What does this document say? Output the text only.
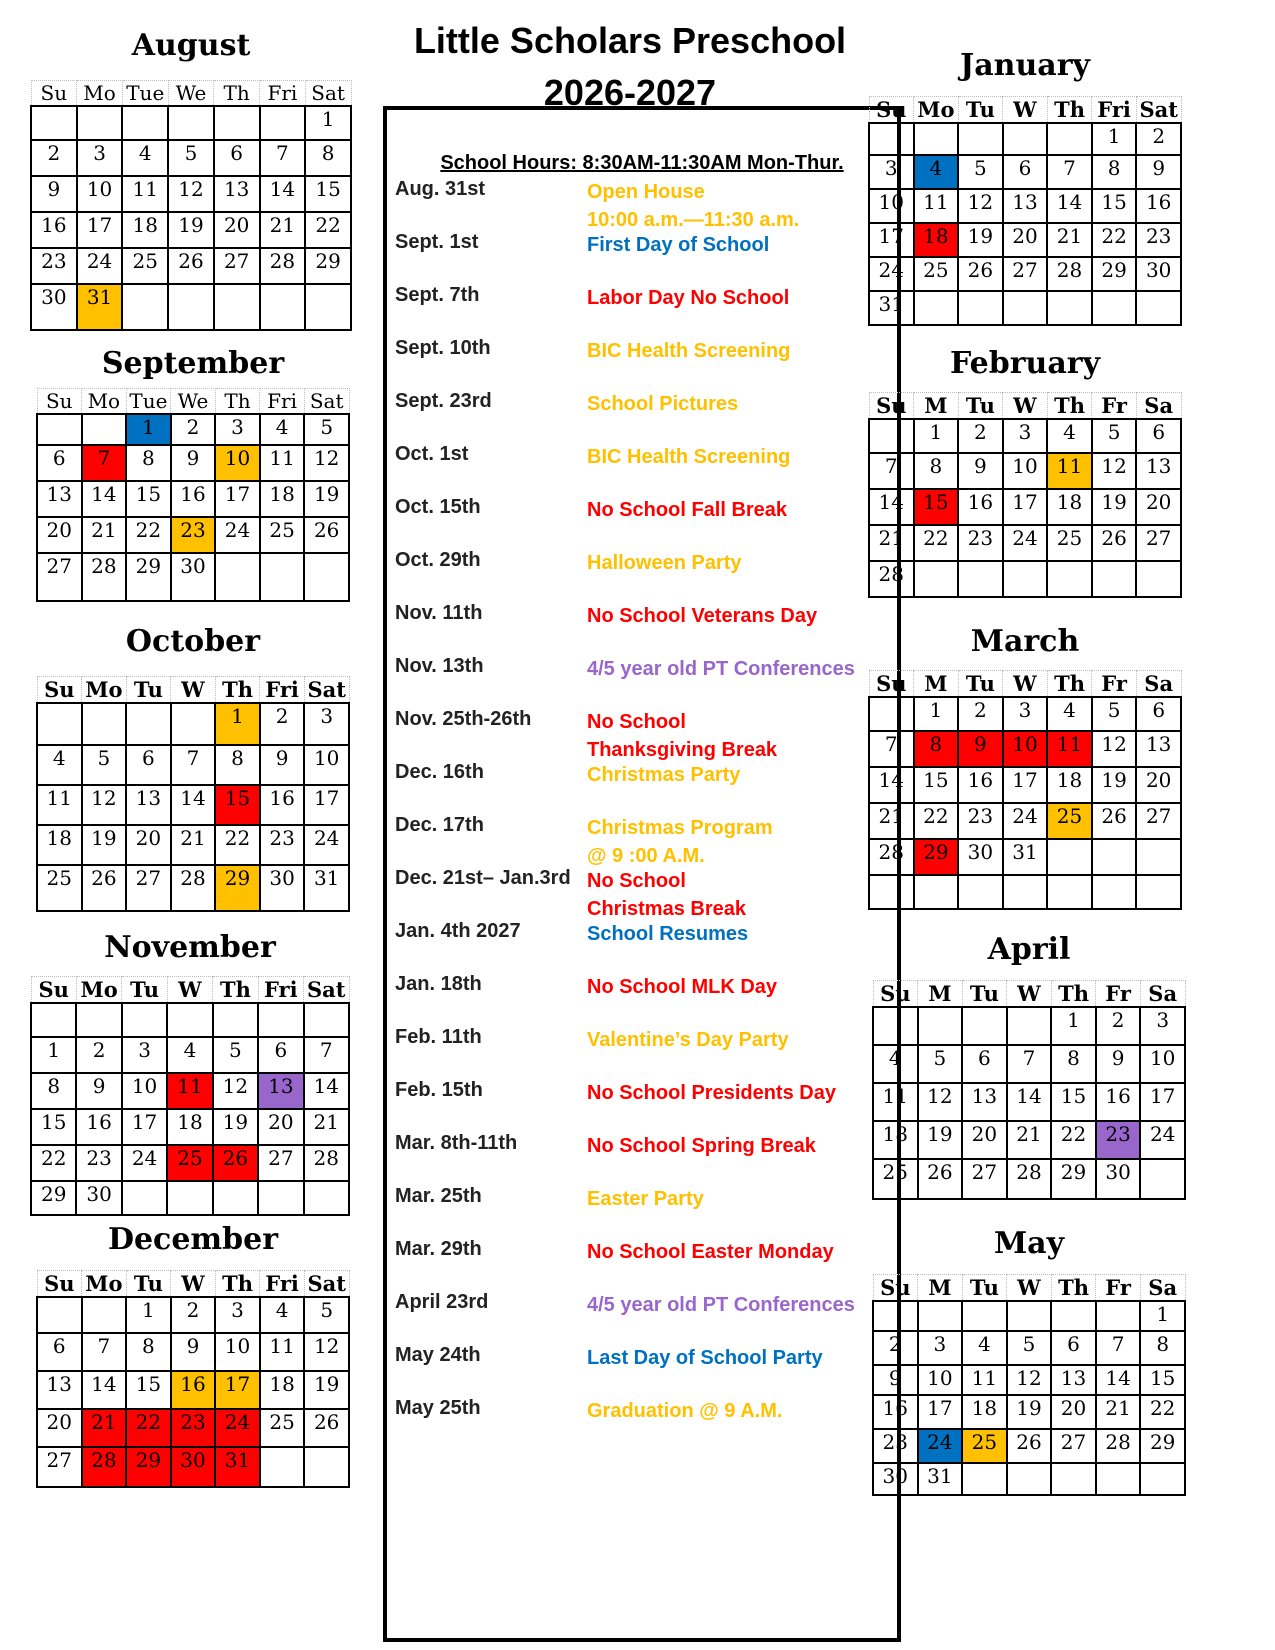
Little Scholars Preschool
2026-2027
School Hours: 8:30AM-11:30AM Mon-Thur.
Aug. 31st	Open House
10:00 a.m.—11:30 a.m.
Sept. 1st	First Day of School
Sept. 7th	Labor Day No School
Sept. 10th	BIC Health Screening
Sept. 23rd	School Pictures
Oct. 1st	BIC Health Screening
Oct. 15th	No School Fall Break
Oct. 29th	Halloween Party
Nov. 11th	No School Veterans Day
Nov. 13th	4/5 year old PT Conferences
Nov. 25th-26th	No School
Thanksgiving Break
Dec. 16th	Christmas Party
Dec. 17th	Christmas Program
@ 9 :00 A.M.
Dec. 21st– Jan.3rd No School
Christmas Break
Jan. 4th 2027	School Resumes
Jan. 18th	No School MLK Day
Feb. 11th	Valentine’s Day Party
Feb. 15th	No School Presidents Day
Mar. 8th-11th	No School Spring Break
Mar. 25th	Easter Party
Mar. 29th	No School Easter Monday
April 23rd	4/5 year old PT Conferences
May 24th	Last Day of School Party
May 25th	Graduation @ 9 A.M.
August
Su	Mo	Tue	We	Th	Fri	Sat
						1
2	3	4	5	6	7	8
9	10	11	12	13	14	15
16	17	18	19	20	21	22
23	24	25	26	27	28	29
30	31					
September
Su	Mo	Tue	We	Th	Fri	Sat
		1	2	3	4	5
6	7	8	9	10	11	12
13	14	15	16	17	18	19
20	21	22	23	24	25	26
27	28	29	30			
October
Su	Mo	Tu	W	Th	Fri	Sat
				1	2	3
4	5	6	7	8	9	10
11	12	13	14	15	16	17
18	19	20	21	22	23	24
25	26	27	28	29	30	31
November
Su	Mo	Tu	W	Th	Fri	Sat

1	2	3	4	5	6	7
8	9	10	11	12	13	14
15	16	17	18	19	20	21
22	23	24	25	26	27	28
29	30					
December
Su	Mo	Tu	W	Th	Fri	Sat
		1	2	3	4	5
6	7	8	9	10	11	12
13	14	15	16	17	18	19
20	21	22	23	24	25	26
27	28	29	30	31		
January
Su	Mo	Tu	W	Th	Fri	Sat
					1	2
3	4	5	6	7	8	9
10	11	12	13	14	15	16
17	18	19	20	21	22	23
24	25	26	27	28	29	30
31						
February
Su	M	Tu	W	Th	Fr	Sa
	1	2	3	4	5	6
7	8	9	10	11	12	13
14	15	16	17	18	19	20
21	22	23	24	25	26	27
28						
March
Su	M	Tu	W	Th	Fr	Sa
	1	2	3	4	5	6
7	8	9	10	11	12	13
14	15	16	17	18	19	20
21	22	23	24	25	26	27
28	29	30	31			

April
Su	M	Tu	W	Th	Fr	Sa
				1	2	3
4	5	6	7	8	9	10
11	12	13	14	15	16	17
18	19	20	21	22	23	24
25	26	27	28	29	30	
May
Su	M	Tu	W	Th	Fr	Sa
						1
2	3	4	5	6	7	8
9	10	11	12	13	14	15
16	17	18	19	20	21	22
23	24	25	26	27	28	29
30	31					
